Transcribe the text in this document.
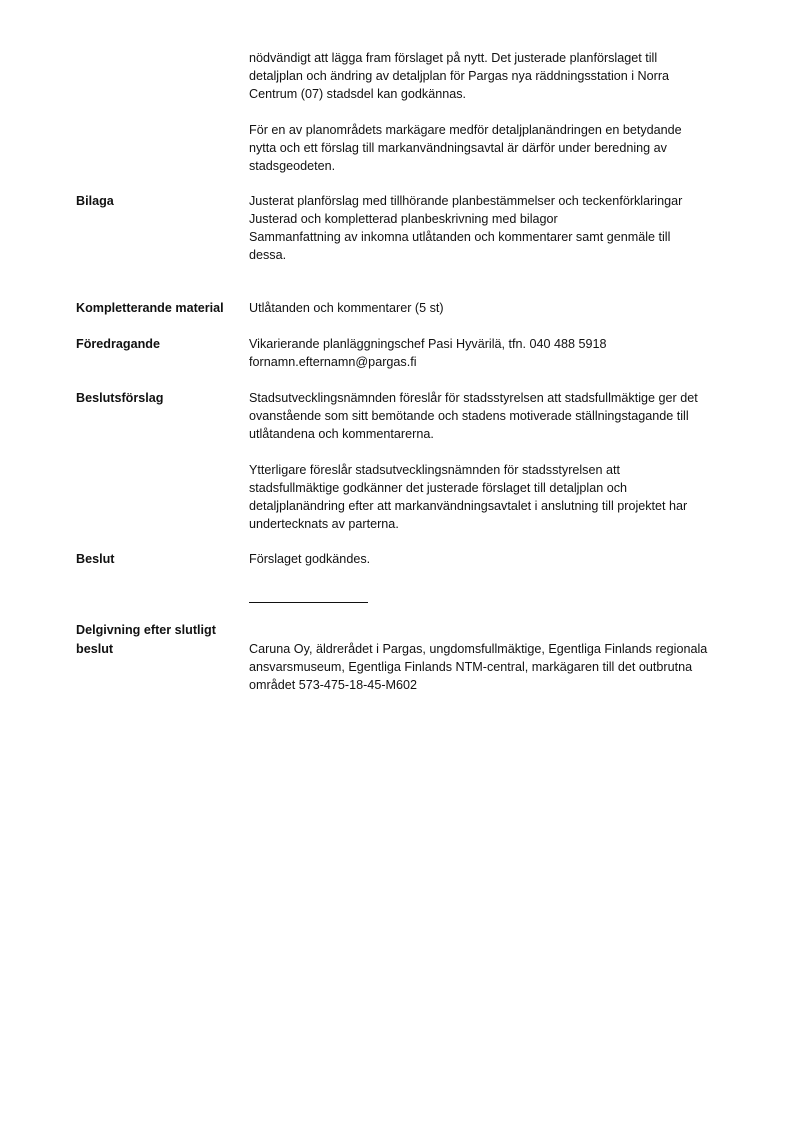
nödvändigt att lägga fram förslaget på nytt. Det justerade planförslaget till
detaljplan och ändring av detaljplan för Pargas nya räddningsstation i Norra
Centrum (07) stadsdel kan godkännas.
För en av planområdets markägare medför detaljplanändringen en betydande
nytta och ett förslag till markanvändningsavtal är därför under beredning av
stadsgeodeten.
Bilaga	Justerat planförslag med tillhörande planbestämmelser och teckenförklaringar
Justerad och kompletterad planbeskrivning med bilagor
Sammanfattning av inkomna utlåtanden och kommentarer samt genmäle till
dessa.
Kompletterande material	Utlåtanden och kommentarer (5 st)
Föredragande	Vikarierande planläggningschef Pasi Hyvärilä, tfn. 040 488 5918
fornamn.efternamn@pargas.fi
Beslutsförslag	Stadsutvecklingsnämnden föreslår för stadsstyrelsen att stadsfullmäktige ger det
ovanstående som sitt bemötande och stadens motiverade ställningstagande till
utlåtandena och kommentarerna.
Ytterligare föreslår stadsutvecklingsnämnden för stadsstyrelsen att
stadsfullmäktige godkänner det justerade förslaget till detaljplan och
detaljplanändring efter att markanvändningsavtalet i anslutning till projektet har
undertecknats av parterna.
Beslut	Förslaget godkändes.
Delgivning efter slutligt
beslut	Caruna Oy, äldrerådet i Pargas, ungdomsfullmäktige, Egentliga Finlands regionala
ansvarsmuseum, Egentliga Finlands NTM-central, markägaren till det outbrutna
området 573-475-18-45-M602
